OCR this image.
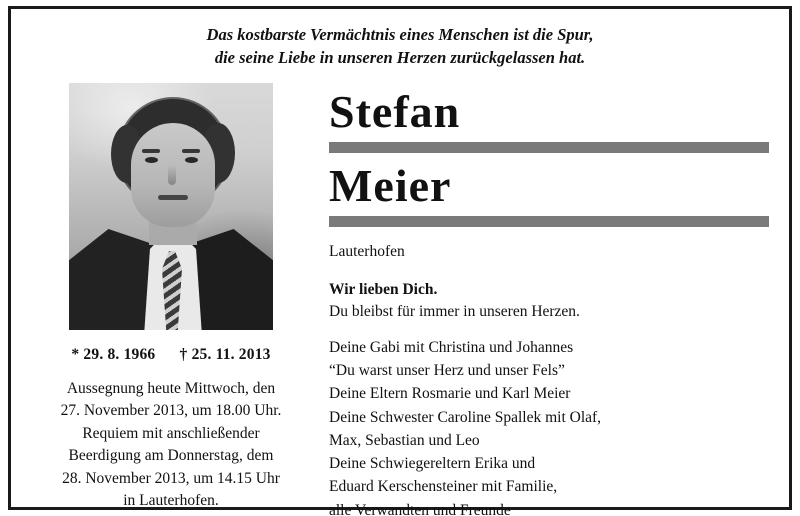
Das kostbarste Vermächtnis eines Menschen ist die Spur,
die seine Liebe in unseren Herzen zurückgelassen hat.
* 29. 8. 1966 † 25. 11. 2013
Aussegnung heute Mittwoch, den
27. November 2013, um 18.00 Uhr.
Requiem mit anschließender
Beerdigung am Donnerstag, dem
28. November 2013, um 14.15 Uhr
in Lauterhofen.
Stefan
Meier
Lauterhofen
Wir lieben Dich.
Du bleibst für immer in unseren Herzen.
Deine Gabi mit Christina und Johannes
“Du warst unser Herz und unser Fels”
Deine Eltern Rosmarie und Karl Meier
Deine Schwester Caroline Spallek mit Olaf,
Max, Sebastian und Leo
Deine Schwiegereltern Erika und
Eduard Kerschensteiner mit Familie,
alle Verwandten und Freunde
